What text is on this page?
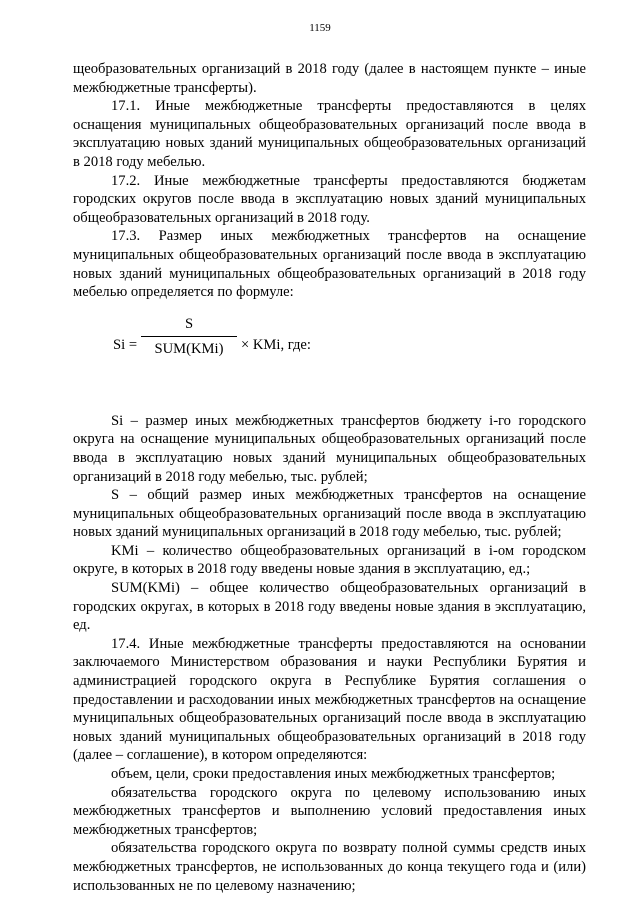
1159

щеобразовательных организаций в 2018 году (далее в настоящем пункте – иные межбюджетные трансферты).

17.1. Иные межбюджетные трансферты предоставляются в целях оснащения муниципальных общеобразовательных организаций после ввода в эксплуатацию новых зданий муниципальных общеобразовательных организаций в 2018 году мебелью.

17.2. Иные межбюджетные трансферты предоставляются бюджетам городских округов после ввода в эксплуатацию новых зданий муниципальных общеобразовательных организаций в 2018 году.

17.3. Размер иных межбюджетных трансфертов на оснащение муниципальных общеобразовательных организаций после ввода в эксплуатацию новых зданий муниципальных общеобразовательных организаций в 2018 году мебелью определяется по формуле:

Si =
S
SUM(KMi)	× KMi, где:

Si – размер иных межбюджетных трансфертов бюджету i-го городского округа на оснащение муниципальных общеобразовательных организаций после ввода в эксплуатацию новых зданий муниципальных общеобразовательных организаций в 2018 году мебелью, тыс. рублей;

S – общий размер иных межбюджетных трансфертов на оснащение муниципальных общеобразовательных организаций после ввода в эксплуатацию новых зданий муниципальных организаций в 2018 году мебелью, тыс. рублей;

KMi – количество общеобразовательных организаций в i-ом городском округе, в которых в 2018 году введены новые здания в эксплуатацию, ед.;

SUM(KMi) – общее количество общеобразовательных организаций в городских округах, в которых в 2018 году введены новые здания в эксплуатацию, ед.

17.4. Иные межбюджетные трансферты предоставляются на основании заключаемого Министерством образования и науки Республики Бурятия и администрацией городского округа в Республике Бурятия соглашения о предоставлении и расходовании иных межбюджетных трансфертов на оснащение муниципальных общеобразовательных организаций после ввода в эксплуатацию новых зданий муниципальных общеобразовательных организаций в 2018 году (далее – соглашение), в котором определяются:

объем, цели, сроки предоставления иных межбюджетных трансфертов;

обязательства городского округа по целевому использованию иных межбюджетных трансфертов и выполнению условий предоставления иных межбюджетных трансфертов;

обязательства городского округа по возврату полной суммы средств иных межбюджетных трансфертов, не использованных до конца текущего года и (или) использованных не по целевому назначению;
